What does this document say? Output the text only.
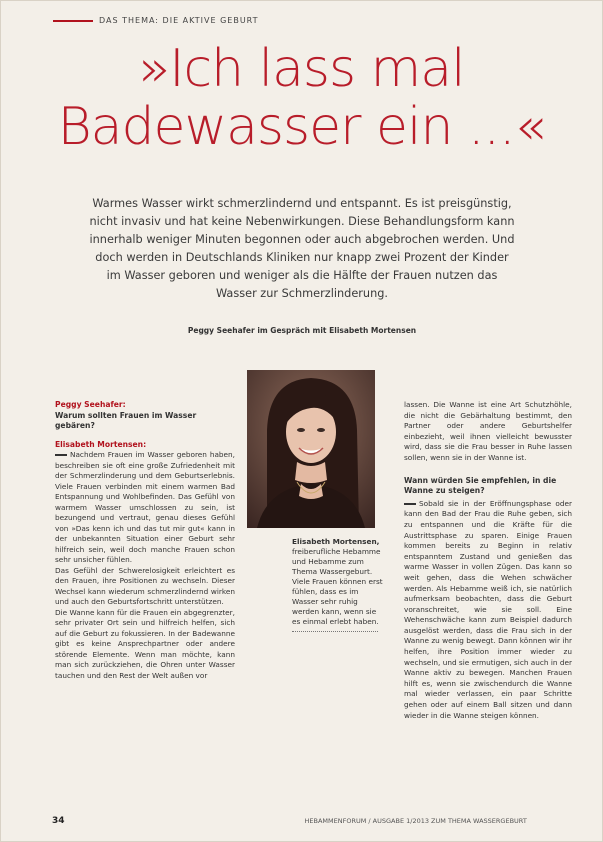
DAS THEMA: DIE AKTIVE GEBURT
»Ich lass mal
Badewasser ein ...«
Warmes Wasser wirkt schmerzlindernd und entspannt. Es ist preisgünstig, nicht invasiv und hat keine Nebenwirkungen. Diese Behandlungsform kann innerhalb weniger Minuten begonnen oder auch abgebrochen werden. Und doch werden in Deutschlands Kliniken nur knapp zwei Prozent der Kinder im Wasser geboren und weniger als die Hälfte der Frauen nutzen das Wasser zur Schmerzlinderung.
Peggy Seehafer im Gespräch mit Elisabeth Mortensen
Peggy Seehafer:
Warum sollten Frauen im Wasser gebären?
Elisabeth Mortensen:

Nachdem Frauen im Wasser geboren haben, beschreiben sie oft eine große Zufriedenheit mit der Schmerzlinderung und dem Geburtserlebnis. Viele Frauen verbinden mit einem warmen Bad Entspannung und Wohlbefinden. Das Gefühl von warmem Wasser umschlossen zu sein, ist bezungend und vertraut, genau dieses Gefühl von »Das kenn ich und das tut mir gut« kann in der unbekannten Situation einer Geburt sehr hilfreich sein, weil doch manche Frauen schon sehr unsicher fühlen.

Das Gefühl der Schwerelosigkeit erleichtert es den Frauen, ihre Positionen zu wechseln. Dieser Wechsel kann wiederum schmerzlindernd wirken und auch den Geburtsfortschritt unterstützen.

Die Wanne kann für die Frauen ein abgegrenzter, sehr privater Ort sein und hilfreich helfen, sich auf die Geburt zu fokussieren. In der Badewanne gibt es keine Ansprechpartner oder andere störende Elemente. Wenn man möchte, kann man sich zurückziehen, die Ohren unter Wasser tauchen und den Rest der Welt außen vor

Elisabeth Mortensen,
freiberufliche Hebamme und Hebamme zum Thema Wassergeburt. Viele Frauen können erst fühlen, dass es im Wasser sehr ruhig werden kann, wenn sie es einmal erlebt haben.

lassen. Die Wanne ist eine Art Schutzhöhle, die nicht die Gebärhaltung bestimmt, den Partner oder andere Geburtshelfer einbezieht, weil ihnen vielleicht bewusster wird, dass sie die Frau besser in Ruhe lassen sollen, wenn sie in der Wanne ist.

Wann würden Sie empfehlen, in die Wanne zu steigen?

Sobald sie in der Eröffnungsphase oder kann den Bad der Frau die Ruhe geben, sich zu entspannen und die Kräfte für die Austrittsphase zu sparen. Einige Frauen kommen bereits zu Beginn in relativ entspanntem Zustand und genießen das warme Wasser in vollen Zügen. Das kann so weit gehen, dass die Wehen schwächer werden. Als Hebamme weiß ich, sie natürlich aufmerksam beobachten, dass die Geburt voranschreitet, wie sie soll. Eine Wehenschwäche kann zum Beispiel dadurch ausgelöst werden, dass die Frau sich in der Wanne zu wenig bewegt. Dann können wir ihr helfen, ihre Position immer wieder zu wechseln, und sie ermutigen, sich auch in der Wanne aktiv zu bewegen. Manchen Frauen hilft es, wenn sie zwischendurch die Wanne mal wieder verlassen, ein paar Schritte gehen oder auf einem Ball sitzen und dann wieder in die Wanne steigen können.

34	HEBAMMENFORUM / AUSGABE 1/2013 ZUM THEMA WASSERGEBURT
